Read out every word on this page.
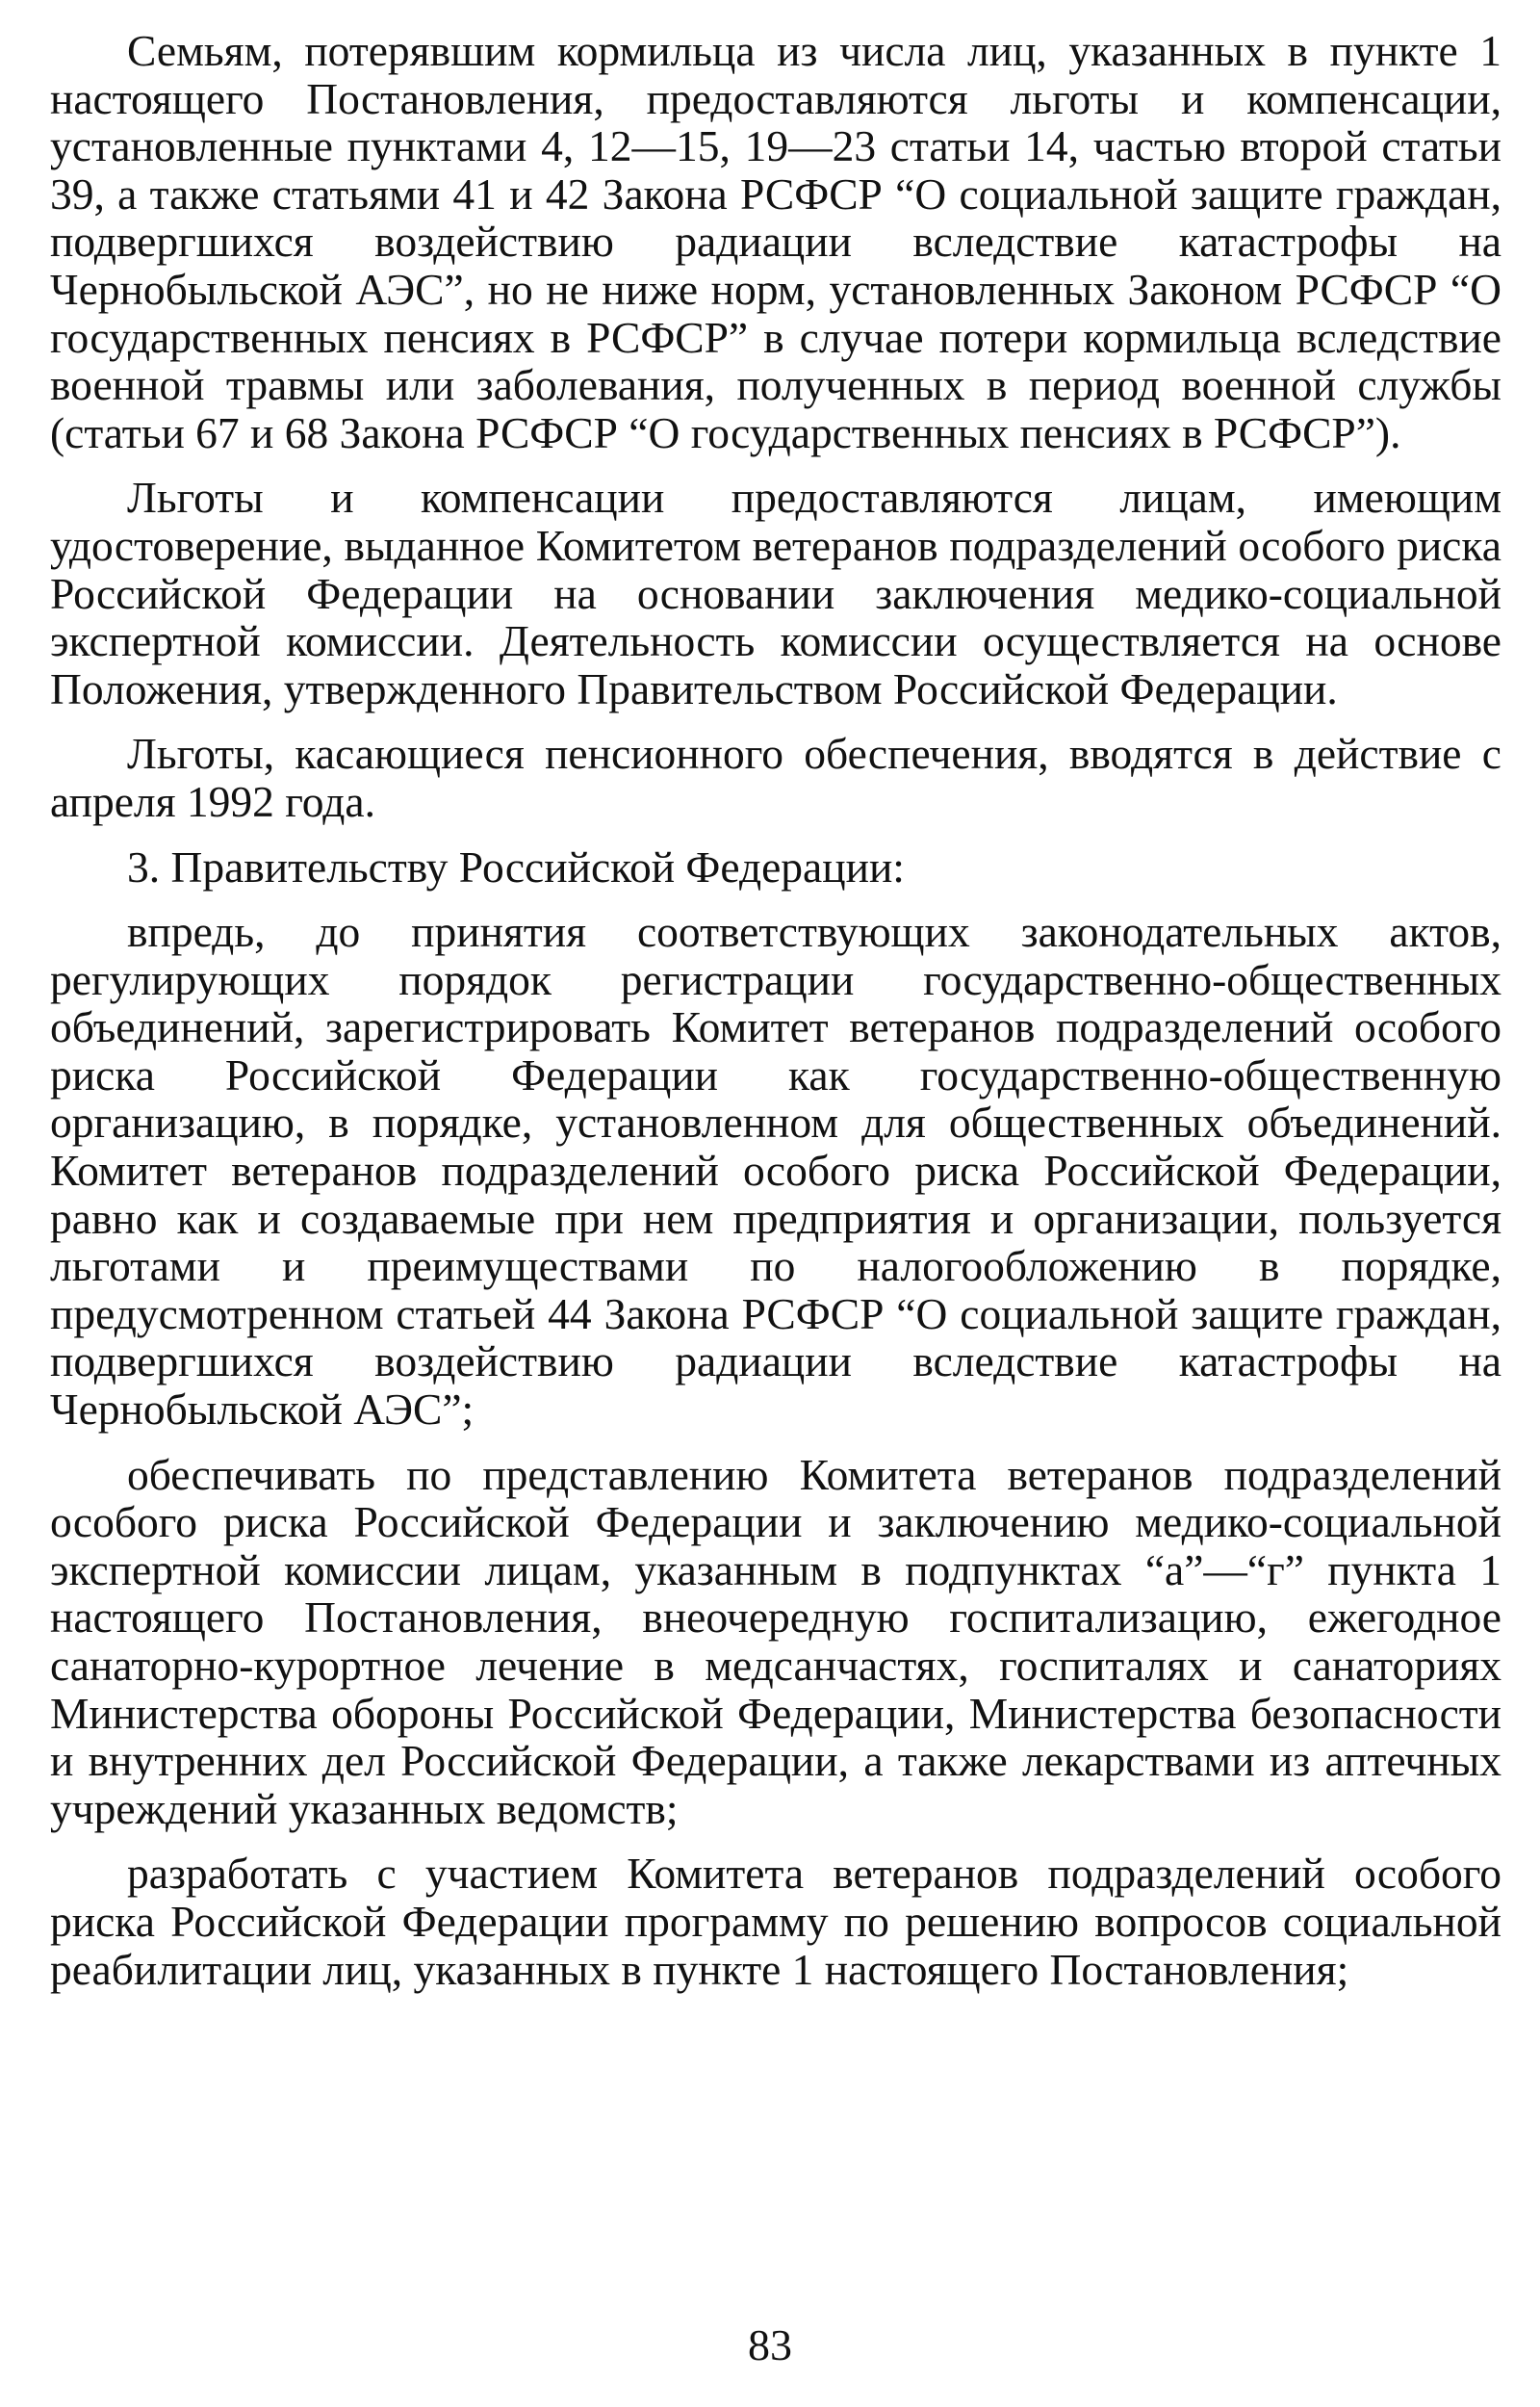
Семьям, потерявшим кормильца из числа лиц, указанных в пункте 1 настоящего Постановления, предоставляются льготы и компенсации, установленные пунктами 4, 12—15, 19—23 статьи 14, частью второй статьи 39, а также статьями 41 и 42 Закона РСФСР “О социальной защите граждан, подвергшихся воздействию радиации вследствие катастрофы на Чернобыльской АЭС”, но не ниже норм, установленных Законом РСФСР “О государственных пенсиях в РСФСР” в случае потери кормильца вследствие военной травмы или заболевания, полученных в период военной службы (статьи 67 и 68 Закона РСФСР “О государственных пенсиях в РСФСР”).

Льготы и компенсации предоставляются лицам, имеющим удостоверение, выданное Комитетом ветеранов подразделений особого риска Российской Федерации на основании заключения медико-социальной экспертной комиссии. Деятельность комиссии осуществляется на основе Положения, утвержденного Правительством Российской Федерации.

Льготы, касающиеся пенсионного обеспечения, вводятся в действие с апреля 1992 года.

3. Правительству Российской Федерации:

впредь, до принятия соответствующих законодательных актов, регулирующих порядок регистрации государственно-общественных объединений, зарегистрировать Комитет ветеранов подразделений особого риска Российской Федерации как государственно-общественную организацию, в порядке, установленном для общественных объединений. Комитет ветеранов подразделений особого риска Российской Федерации, равно как и создаваемые при нем предприятия и организации, пользуется льготами и преимуществами по налогообложению в порядке, предусмотренном статьей 44 Закона РСФСР “О социальной защите граждан, подвергшихся воздействию радиации вследствие катастрофы на Чернобыльской АЭС”;

обеспечивать по представлению Комитета ветеранов подразделений особого риска Российской Федерации и заключению медико-социальной экспертной комиссии лицам, указанным в подпунктах “а”—“г” пункта 1 настоящего Постановления, внеочередную госпитализацию, ежегодное санаторно-курортное лечение в медсанчастях, госпиталях и санаториях Министерства обороны Российской Федерации, Министерства безопасности и внутренних дел Российской Федерации, а также лекарствами из аптечных учреждений указанных ведомств;

разработать с участием Комитета ветеранов подразделений особого риска Российской Федерации программу по решению вопросов социальной реабилитации лиц, указанных в пункте 1 настоящего Постановления;

83
